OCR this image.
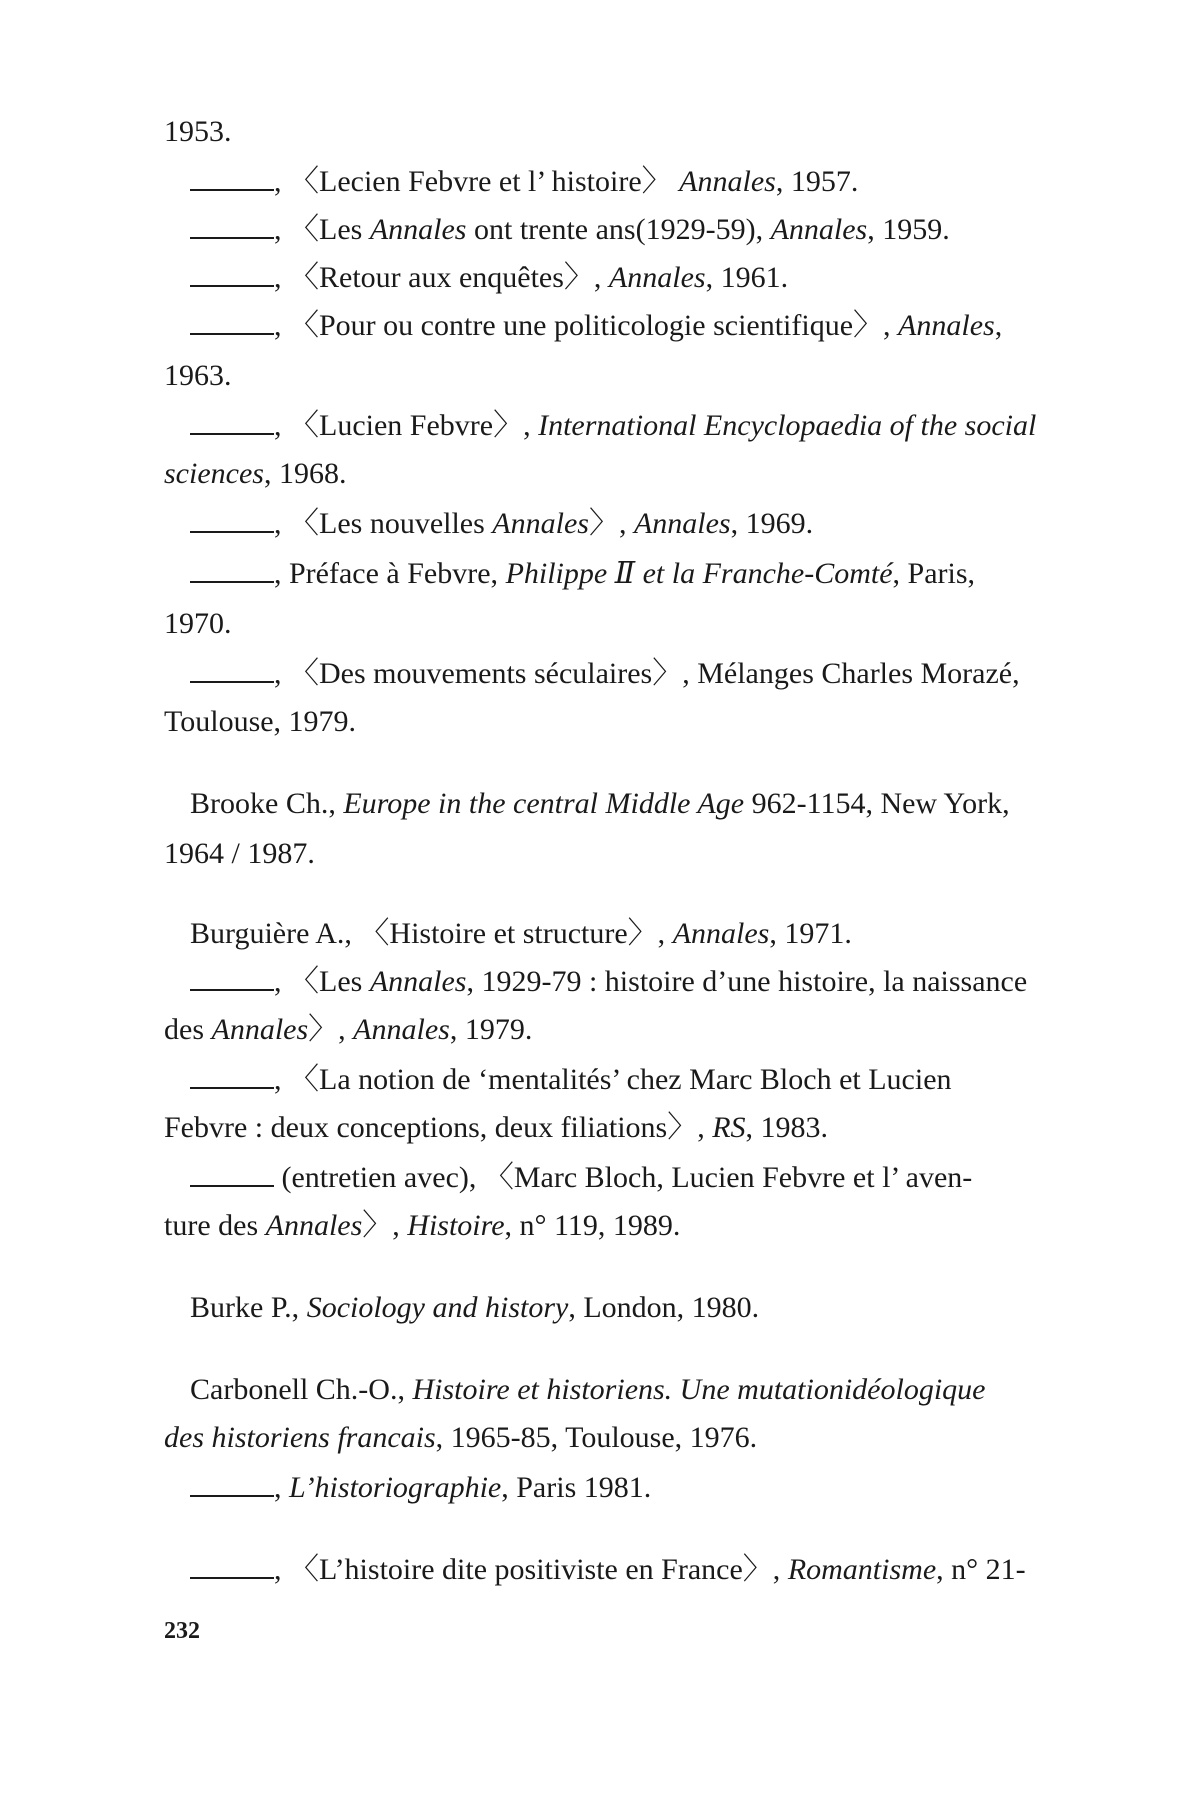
1953.
, 〈Lecien Febvre et l’ histoire〉 Annales, 1957.
, 〈Les Annales ont trente ans(1929-59), Annales, 1959.
, 〈Retour aux enquêtes〉, Annales, 1961.
, 〈Pour ou contre une politicologie scientifique〉, Annales,
1963.
, 〈Lucien Febvre〉, International Encyclopaedia of the social
sciences, 1968.
, 〈Les nouvelles Annales〉, Annales, 1969.
, Préface à Febvre, Philippe Ⅱ et la Franche-Comté, Paris,
1970.
, 〈Des mouvements séculaires〉, Mélanges Charles Morazé,
Toulouse, 1979.
Brooke Ch., Europe in the central Middle Age 962-1154, New York,
1964 / 1987.
Burguière A., 〈Histoire et structure〉, Annales, 1971.
, 〈Les Annales, 1929-79 : histoire d’une histoire, la naissance
des Annales〉, Annales, 1979.
, 〈La notion de ‘mentalités’ chez Marc Bloch et Lucien
Febvre : deux conceptions, deux filiations〉, RS, 1983.
(entretien avec), 〈Marc Bloch, Lucien Febvre et l’ aven-
ture des Annales〉, Histoire, n° 119, 1989.
Burke P., Sociology and history, London, 1980.
Carbonell Ch.-O., Histoire et historiens. Une mutationidéologique
des historiens francais, 1965-85, Toulouse, 1976.
, L’historiographie, Paris 1981.
, 〈L’histoire dite positiviste en France〉, Romantisme, n° 21-
232
